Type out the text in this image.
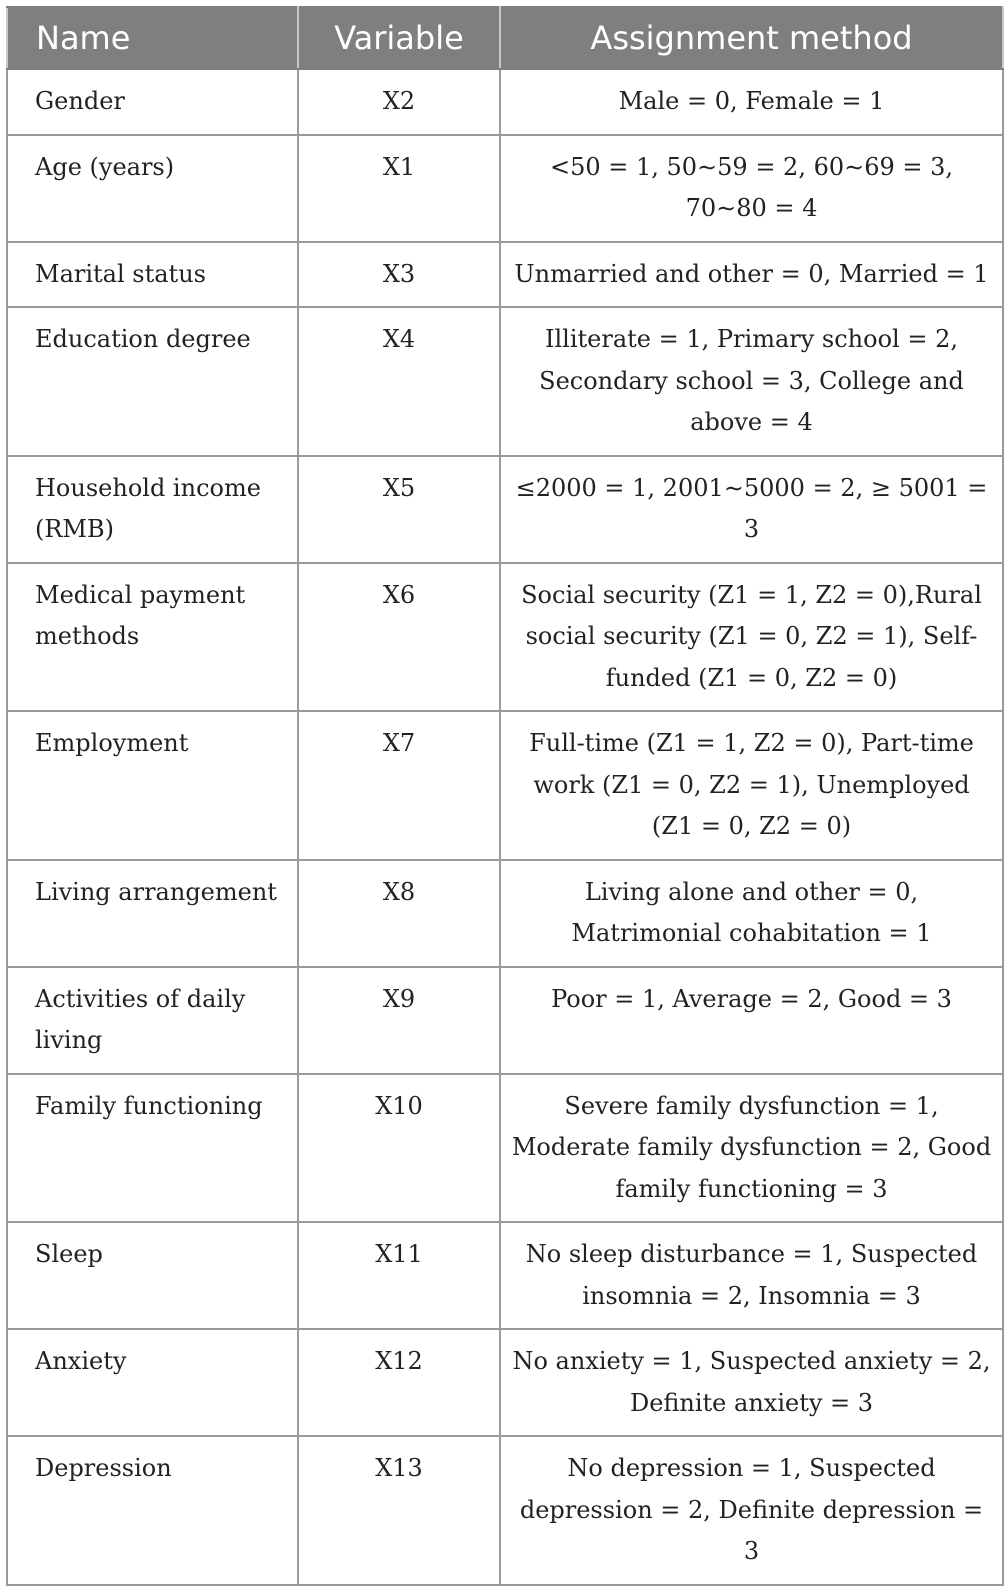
Name	Variable	Assignment method
Gender	X2	Male = 0, Female = 1
Age (years)	X1	<50 = 1, 50∼59 = 2, 60∼69 = 3, 70∼80 = 4
Marital status	X3	Unmarried and other = 0, Married = 1
Education degree	X4	Illiterate = 1, Primary school = 2, Secondary school = 3, College and above = 4
Household income (RMB)	X5	≤2000 = 1, 2001∼5000 = 2, ≥ 5001 = 3
Medical payment methods	X6	Social security (Z1 = 1, Z2 = 0),Rural social security (Z1 = 0, Z2 = 1), Self-funded (Z1 = 0, Z2 = 0)
Employment	X7	Full-time (Z1 = 1, Z2 = 0), Part-time work (Z1 = 0, Z2 = 1), Unemployed (Z1 = 0, Z2 = 0)
Living arrangement	X8	Living alone and other = 0, Matrimonial cohabitation = 1
Activities of daily living	X9	Poor = 1, Average = 2, Good = 3
Family functioning	X10	Severe family dysfunction = 1, Moderate family dysfunction = 2, Good family functioning = 3
Sleep	X11	No sleep disturbance = 1, Suspected insomnia = 2, Insomnia = 3
Anxiety	X12	No anxiety = 1, Suspected anxiety = 2, Definite anxiety = 3
Depression	X13	No depression = 1, Suspected depression = 2, Definite depression = 3
